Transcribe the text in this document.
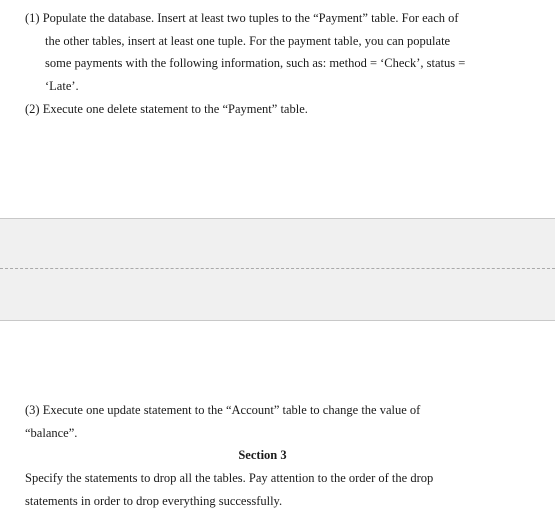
(1) Populate the database. Insert at least two tuples to the “Payment” table. For each of
the other tables, insert at least one tuple. For the payment table, you can populate
some payments with the following information, such as: method = ‘Check’, status =
‘Late’.

(2) Execute one delete statement to the “Payment” table.

(3) Execute one update statement to the “Account” table to change the value of
“balance”.

Section 3

Specify the statements to drop all the tables. Pay attention to the order of the drop
statements in order to drop everything successfully.
